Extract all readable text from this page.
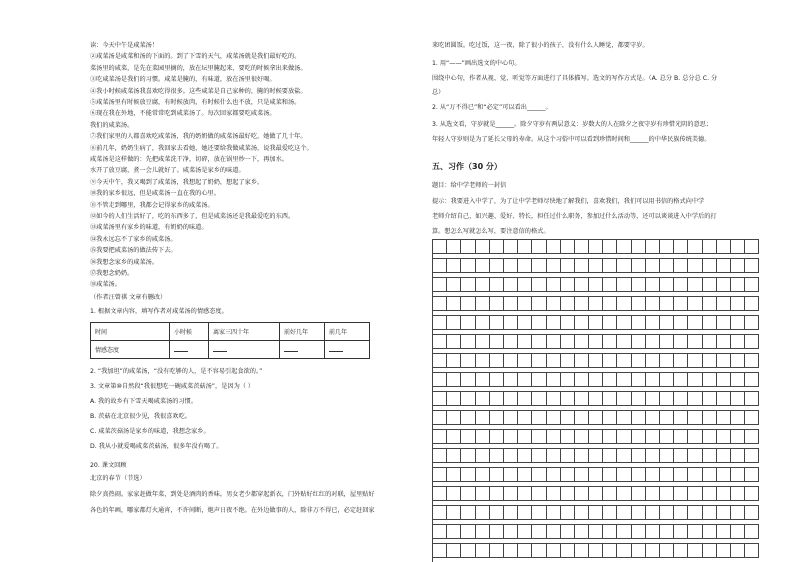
读：今天中午是咸菜汤！
②咸菜汤是咸菜和汤的下面的。到了下雪的天气，咸菜汤就是我们最好吃的。
菜汤里的咸菜，是先在菜园里摘的，放在坛里腌起来，要吃的时候拿出来做汤。
③吃咸菜汤是我们的习惯。咸菜是腌的，有味道，放在汤里很好喝。
④我小时候咸菜汤我喜欢吃得很多。这些咸菜是自己家种的，腌的时候要放盐。
⑤咸菜汤里有时候放豆腐，有时候放肉，有时候什么也不放，只是咸菜和汤。
⑥现在我在外地，不能常常吃到咸菜汤了。每次回家都要吃咸菜汤。
我们的咸菜汤。
⑦我们家里的人都喜欢吃咸菜汤，我的奶奶做的咸菜汤最好吃，她做了几十年。
⑧前几年，奶奶生病了，我回家去看她，她还要给我做咸菜汤，说我最爱吃这个。
咸菜汤是这样做的：先把咸菜洗干净，切碎，放在锅里炒一下，再加水。
水开了放豆腐，煮一会儿就好了。咸菜汤是家乡的味道。
⑨今天中午，我又喝到了咸菜汤，我想起了奶奶，想起了家乡。
⑩我的家乡很远，但是咸菜汤一直在我的心里。
⑪不管走到哪里，我都会记得家乡的咸菜汤。
⑫如今的人们生活好了，吃的东西多了，但是咸菜汤还是我最爱吃的东西。
⑬咸菜汤里有家乡的味道，有奶奶的味道。
⑭我永远忘不了家乡的咸菜汤。
⑮我要把咸菜汤的做法传下去。
⑯我想念家乡的咸菜汤。
⑰我想念奶奶。
⑱咸菜汤。
（作者汪曾祺 文章有删改）
1. 根据文章内容，填写作者对咸菜汤的情感态度。
时间	小时候	离家三四十年	前好几年	前几年
情感态度				
2. “我加坦”的咸菜汤，“没有吃够的人，是不容易引起食欲的。”
3. 文章第⑩自然段“我很想吃一碗咸菜茨菇汤”，是因为（ ）
A. 我的故乡有下雪天喝咸菜汤的习惯。
B. 茨菇在北京很少见，我很喜欢吃。
C. 咸菜茨菇汤是家乡的味道，我想念家乡。
D. 我从小就爱喝咸菜茨菇汤，很多年没有喝了。
20. 课文回顾
北京的春节（节选）
除夕真热闹。家家赶做年菜，到处是酒肉的香味。男女老少都穿起新衣，门外贴好红红的对联，屋里贴好
各色的年画，哪家都灯火通宵，不许间断，炮声日夜不绝。在外边做事的人，除非万不得已，必定赶回家
来吃团圆饭。吃过饭，这一夜，除了很小的孩子，没有什么人睡觉，都要守岁。
1. 用“——”画出选文的中心句。
围绕中心句，作者从视、觉、听觉等方面进行了具体描写。选文的写作方式是。（A. 总分 B. 总分总 C. 分
总）
2. 从“万不得已”和“必定”可以看出______。
3. 从选文看，守岁就是______。除夕守岁有两层意义：岁数大的人在除夕之夜守岁有珍惜光阴的意思；
年轻人守岁则是为了延长父母的寿命。从这个习俗中可以看到珍惜时间和______的中华民族传统美德。
五、习作（30 分）
题目：给中学老师的一封信
提示：我要进入中学了，为了让中学老师尽快地了解我们，喜欢我们，我们可以用书信的格式向中学
老师介绍自己，如兴趣、爱好、特长，担任过什么职务，参加过什么活动等，还可以谈谈进入中学后的打
算。想怎么写就怎么写，要注意信的格式。
